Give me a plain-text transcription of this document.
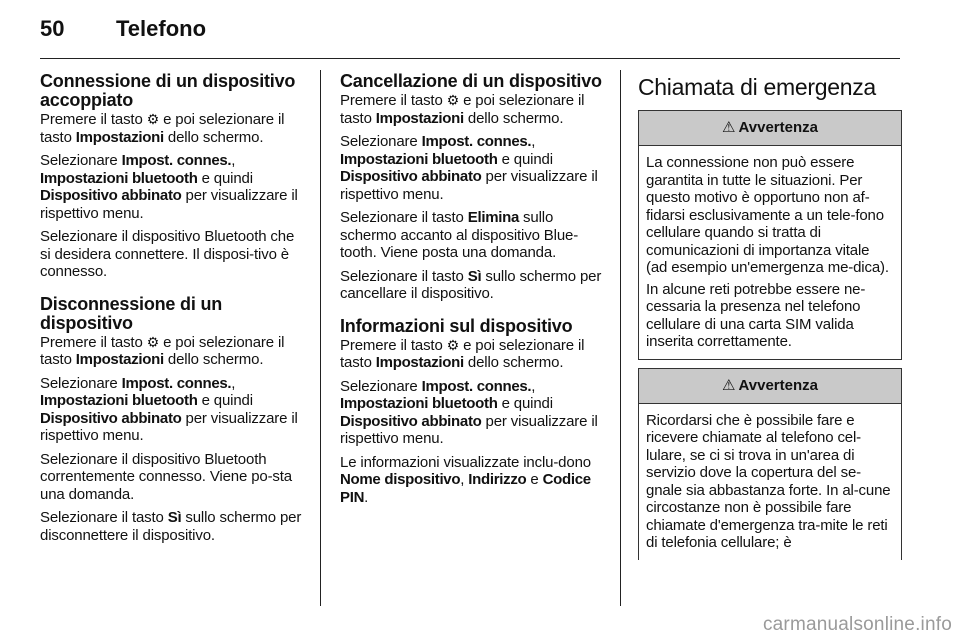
50 Telefono
Connessione di un dispositivo accoppiato

Premere il tasto ⚙ e poi selezionare il tasto Impostazioni dello schermo.

Selezionare Impost. connes.,
Impostazioni bluetooth e quindi
Dispositivo abbinato per visualizzare il rispettivo menu.

Selezionare il dispositivo Bluetooth che si desidera connettere. Il disposi-tivo è connesso.

Disconnessione di un dispositivo

Premere il tasto ⚙ e poi selezionare il tasto Impostazioni dello schermo.

Selezionare Impost. connes.,
Impostazioni bluetooth e quindi
Dispositivo abbinato per visualizzare il rispettivo menu.

Selezionare il dispositivo Bluetooth correntemente connesso. Viene po-sta una domanda.

Selezionare il tasto Sì sullo schermo per disconnettere il dispositivo.

Cancellazione di un dispositivo

Premere il tasto ⚙ e poi selezionare il tasto Impostazioni dello schermo.

Selezionare Impost. connes.,
Impostazioni bluetooth e quindi
Dispositivo abbinato per visualizzare il rispettivo menu.

Selezionare il tasto Elimina sullo schermo accanto al dispositivo Blue-tooth. Viene posta una domanda.

Selezionare il tasto Sì sullo schermo per cancellare il dispositivo.

Informazioni sul dispositivo

Premere il tasto ⚙ e poi selezionare il tasto Impostazioni dello schermo.

Selezionare Impost. connes.,
Impostazioni bluetooth e quindi
Dispositivo abbinato per visualizzare il rispettivo menu.

Le informazioni visualizzate inclu-dono Nome dispositivo, Indirizzo e Codice PIN.

Chiamata di emergenza
⚠ Avvertenza

La connessione non può essere garantita in tutte le situazioni. Per questo motivo è opportuno non af-fidarsi esclusivamente a un tele-fono cellulare quando si tratta di comunicazioni di importanza vitale (ad esempio un'emergenza me-dica).

In alcune reti potrebbe essere ne-cessaria la presenza nel telefono cellulare di una carta SIM valida inserita correttamente.

⚠ Avvertenza

Ricordarsi che è possibile fare e ricevere chiamate al telefono cel-lulare, se ci si trova in un'area di servizio dove la copertura del se-gnale sia abbastanza forte. In al-cune circostanze non è possibile fare chiamate d'emergenza tra-mite le reti di telefonia cellulare; è

carmanualsonline.info
